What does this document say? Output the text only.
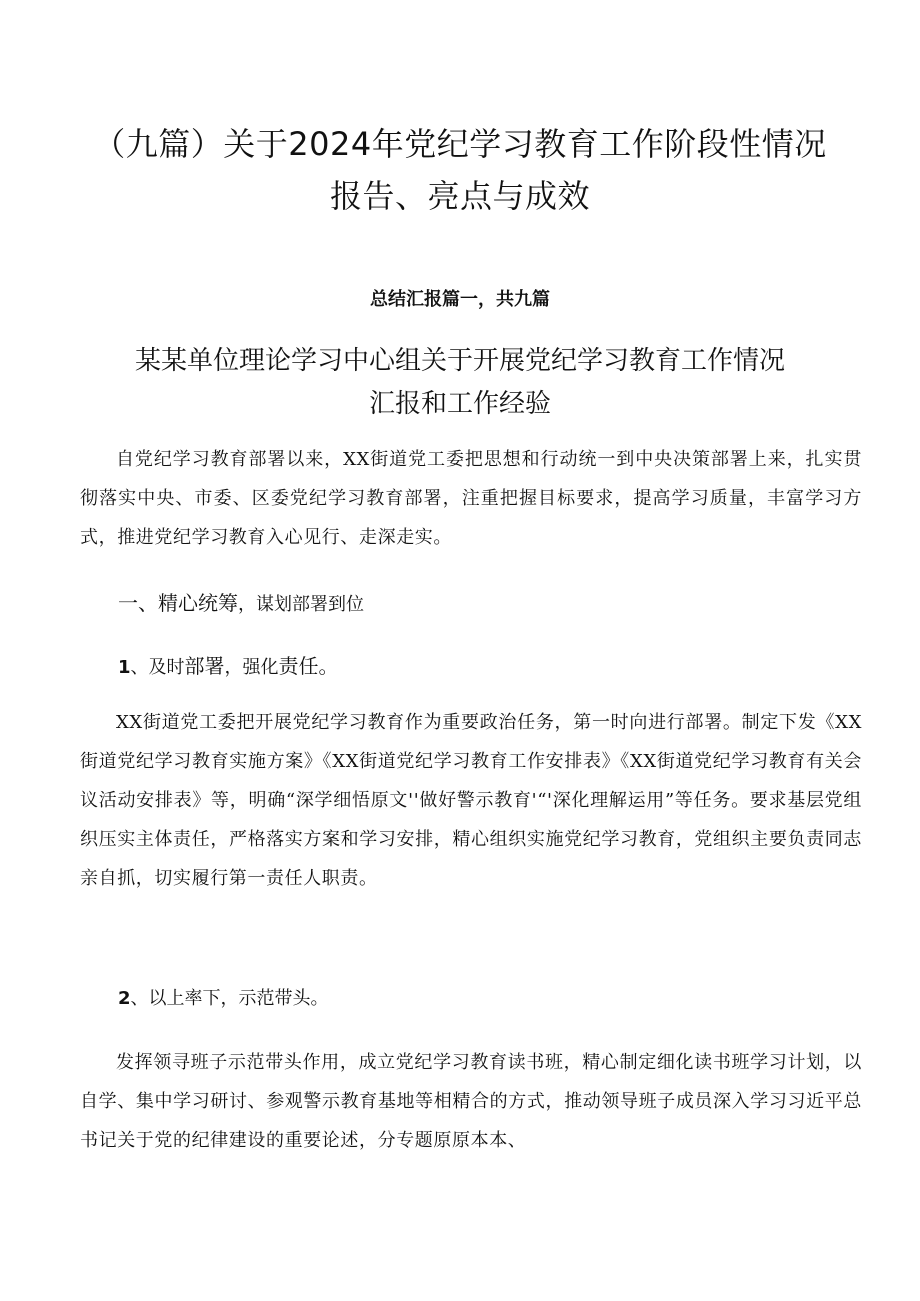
（九篇）关于2024年党纪学习教育工作阶段性情况
报告、亮点与成效

总结汇报篇一，共九篇

某某单位理论学习中心组关于开展党纪学习教育工作情况
汇报和工作经验

自党纪学习教育部署以来，XX街道党工委把思想和行动统一到中央决策部署上来，扎实贯彻落实中央、市委、区委党纪学习教育部署，注重把握目标要求，提高学习质量，丰富学习方式，推进党纪学习教育入心见行、走深走实。

一、精心统筹，谋划部署到位

1、及时部署，强化责任。

XX街道党工委把开展党纪学习教育作为重要政治任务，第一时向进行部署。制定下发《XX街道党纪学习教育实施方案》《XX街道党纪学习教育工作安排表》《XX街道党纪学习教育有关会议活动安排表》等，明确“深学细悟原文''做好警示教育'“'深化理解运用”等任务。要求基层党组织压实主体责任，严格落实方案和学习安排，精心组织实施党纪学习教育，党组织主要负责同志亲自抓，切实履行第一责任人职责。

2、以上率下，示范带头。

发挥领寻班子示范带头作用，成立党纪学习教育读书班，精心制定细化读书班学习计划，以自学、集中学习研讨、参观警示教育基地等相精合的方式，推动领导班子成员深入学习习近平总书记关于党的纪律建设的重要论述，分专题原原本本、
